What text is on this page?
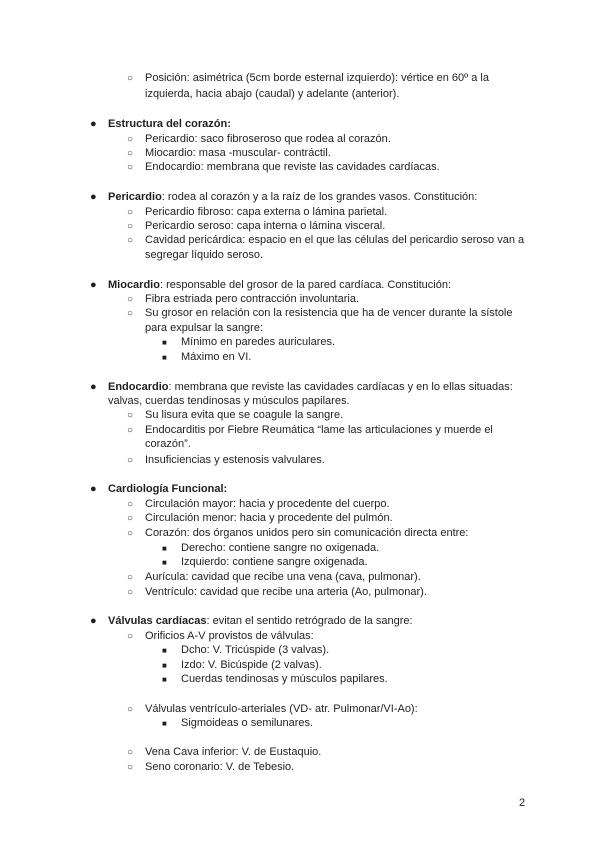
○ Posición: asimétrica (5cm borde esternal izquierdo): vértice en 60º a la
izquierda, hacia abajo (caudal) y adelante (anterior).
● Estructura del corazón:
○ Pericardio: saco fibroseroso que rodea al corazón.
○ Miocardio: masa -muscular- contráctil.
○ Endocardio: membrana que reviste las cavidades cardíacas.
● Pericardio: rodea al corazón y a la raíz de los grandes vasos. Constitución:
○ Pericardio fibroso: capa externa o lámina parietal.
○ Pericardio seroso: capa interna o lámina visceral.
○ Cavidad pericárdica: espacio en el que las células del pericardio seroso van a
segregar líquido seroso.
● Miocardio: responsable del grosor de la pared cardíaca. Constitución:
○ Fibra estriada pero contracción involuntaria.
○ Su grosor en relación con la resistencia que ha de vencer durante la sístole
para expulsar la sangre:
■ Mínimo en paredes auriculares.
■ Máximo en VI.
● Endocardio: membrana que reviste las cavidades cardíacas y en lo ellas situadas:
valvas, cuerdas tendinosas y músculos papilares.
○ Su lisura evita que se coagule la sangre.
○ Endocarditis por Fiebre Reumática “lame las articulaciones y muerde el
corazón”.
○ Insuficiencias y estenosis valvulares.
● Cardiología Funcional:
○ Circulación mayor: hacia y procedente del cuerpo.
○ Circulación menor: hacia y procedente del pulmón.
○ Corazón: dos órganos unidos pero sin comunicación directa entre:
■ Derecho: contiene sangre no oxigenada.
■ Izquierdo: contiene sangre oxigenada.
○ Aurícula: cavidad que recibe una vena (cava, pulmonar).
○ Ventrículo: cavidad que recibe una arteria (Ao, pulmonar).
● Válvulas cardíacas: evitan el sentido retrógrado de la sangre:
○ Orificios A-V provistos de válvulas:
■ Dcho: V. Tricúspide (3 valvas).
■ Izdo: V. Bicúspide (2 valvas).
■ Cuerdas tendinosas y músculos papilares.
○ Válvulas ventrículo-arteriales (VD- atr. Pulmonar/VI-Ao):
■ Sigmoideas o semilunares.
○ Vena Cava inferior: V. de Eustaquio.
○ Seno coronario: V. de Tebesio.
2
